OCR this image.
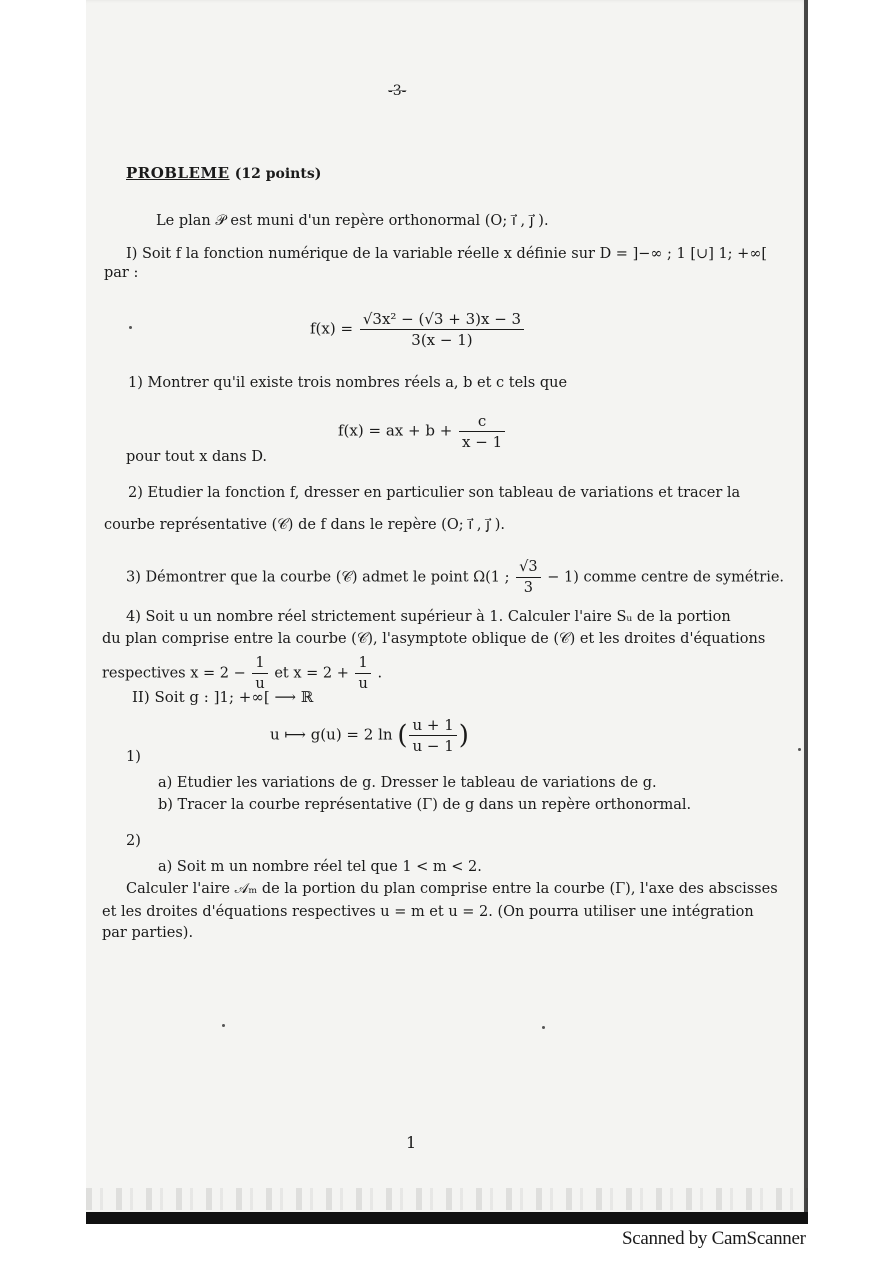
-3-
PROBLEME (12 points)
Le plan 𝒫 est muni d'un repère orthonormal (O; i⃗ , j⃗ ).
I) Soit f la fonction numérique de la variable réelle x définie sur D = ]−∞ ; 1 [∪] 1; +∞[
par :
$f(x) = \frac{\text{√3x² − (√3 + 3)x − 3}}{3(x - 1)}$
1) Montrer qu'il existe trois nombres réels a, b et c tels que
f(x) = ax + $b + \frac{c}{x - 1}$
pour tout x dans D.
2) Etudier la fonction f, dresser en particulier son tableau de variations et tracer la
courbe représentative (𝒞) de f dans le repère (O; i⃗ , j⃗ ).
3) Démontrer que la courbe (𝒞) admet le point Ω(1 ; $\frac{√3}{3} - 1$) comme centre de symétrie.
4) Soit u un nombre réel strictement supérieur à 1. Calculer l'aire Sᵤ de la portion
du plan comprise entre la courbe (𝒞), l'asymptote oblique de (𝒞) et les droites d'équations
respectives $x = 2 - \frac{1}{u}$ et $x = 2 + \frac{1}{u}$ .
II) Soit g : ]1; +∞[ ⟶ ℝ
u ⟼ g(u) = 2 ln ( $\frac{u + 1}{u - 1}$ )
1)
a) Etudier les variations de g. Dresser le tableau de variations de g.
b) Tracer la courbe représentative (Γ) de g dans un repère orthonormal.
2)
a) Soit m un nombre réel tel que 1 < m < 2.
Calculer l'aire 𝒜ₘ de la portion du plan comprise entre la courbe (Γ), l'axe des abscisses
et les droites d'équations respectives u = m et u = 2. (On pourra utiliser une intégration
par parties).
1
Scanned by CamScanner
